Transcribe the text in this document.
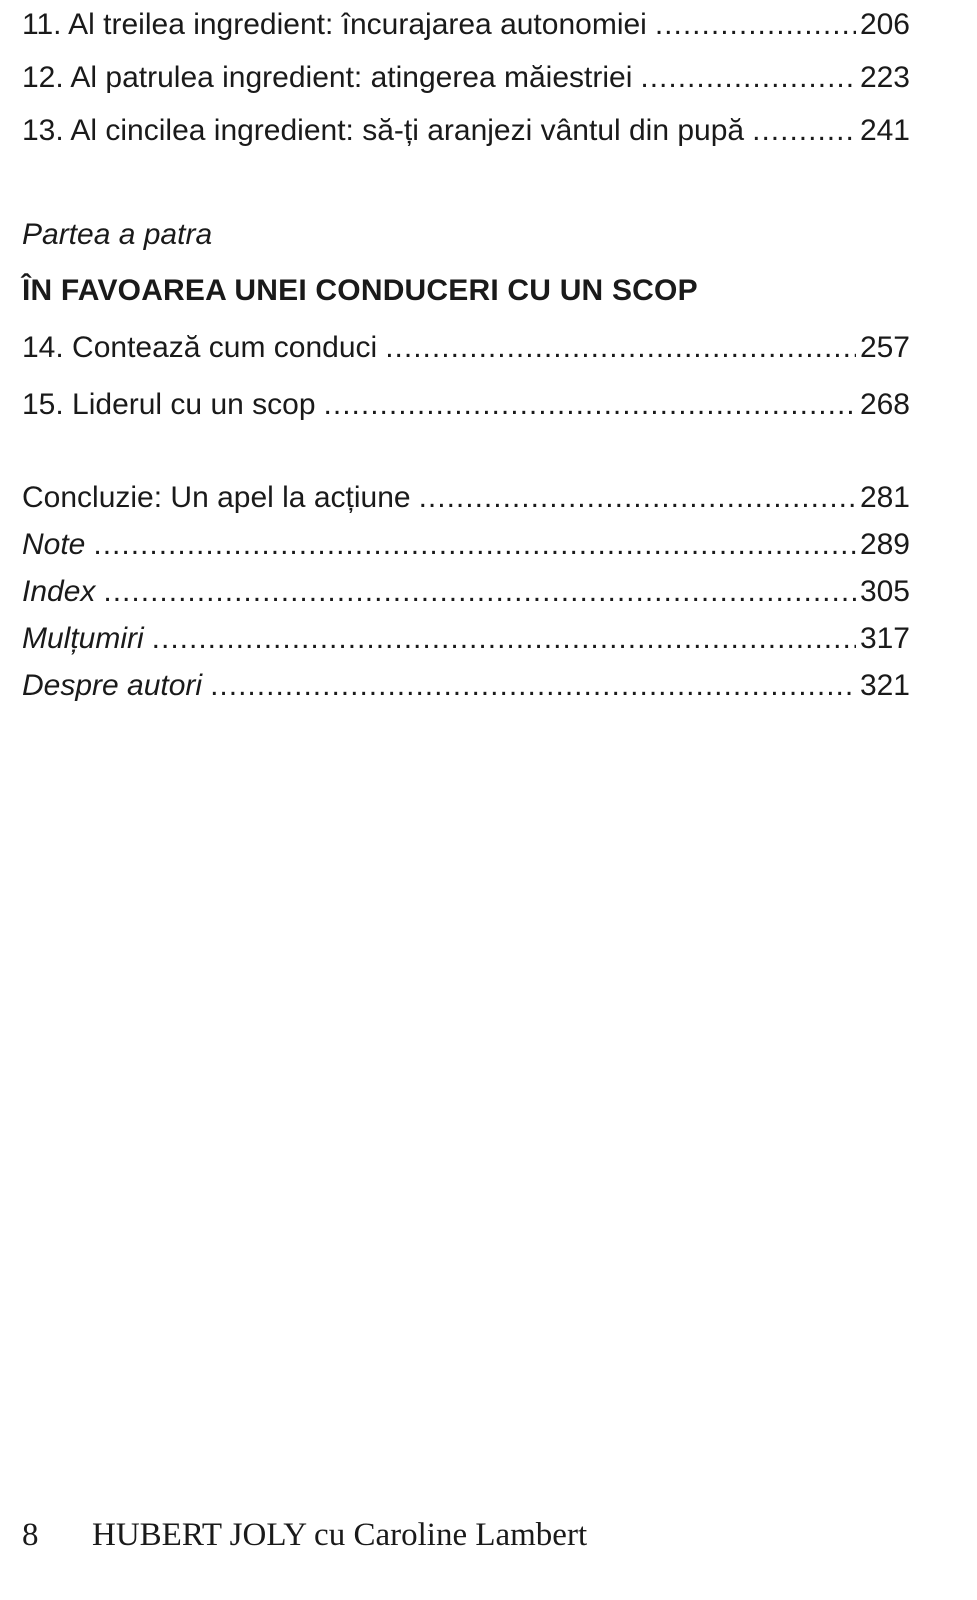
11. Al treilea ingredient: încurajarea autonomiei .....	206
12. Al patrulea ingredient: atingerea măiestriei .....	223
13. Al cincilea ingredient: să-ți aranjezi vântul din pupă .....	241
Partea a patra
ÎN FAVOAREA UNEI CONDUCERI CU UN SCOP
14. Contează cum conduci .....	257
15. Liderul cu un scop .....	268
Concluzie: Un apel la acțiune .....	281
Note .....	289
Index .....	305
Mulțumiri .....	317
Despre autori .....	321
8 HUBERT JOLY cu Caroline Lambert
